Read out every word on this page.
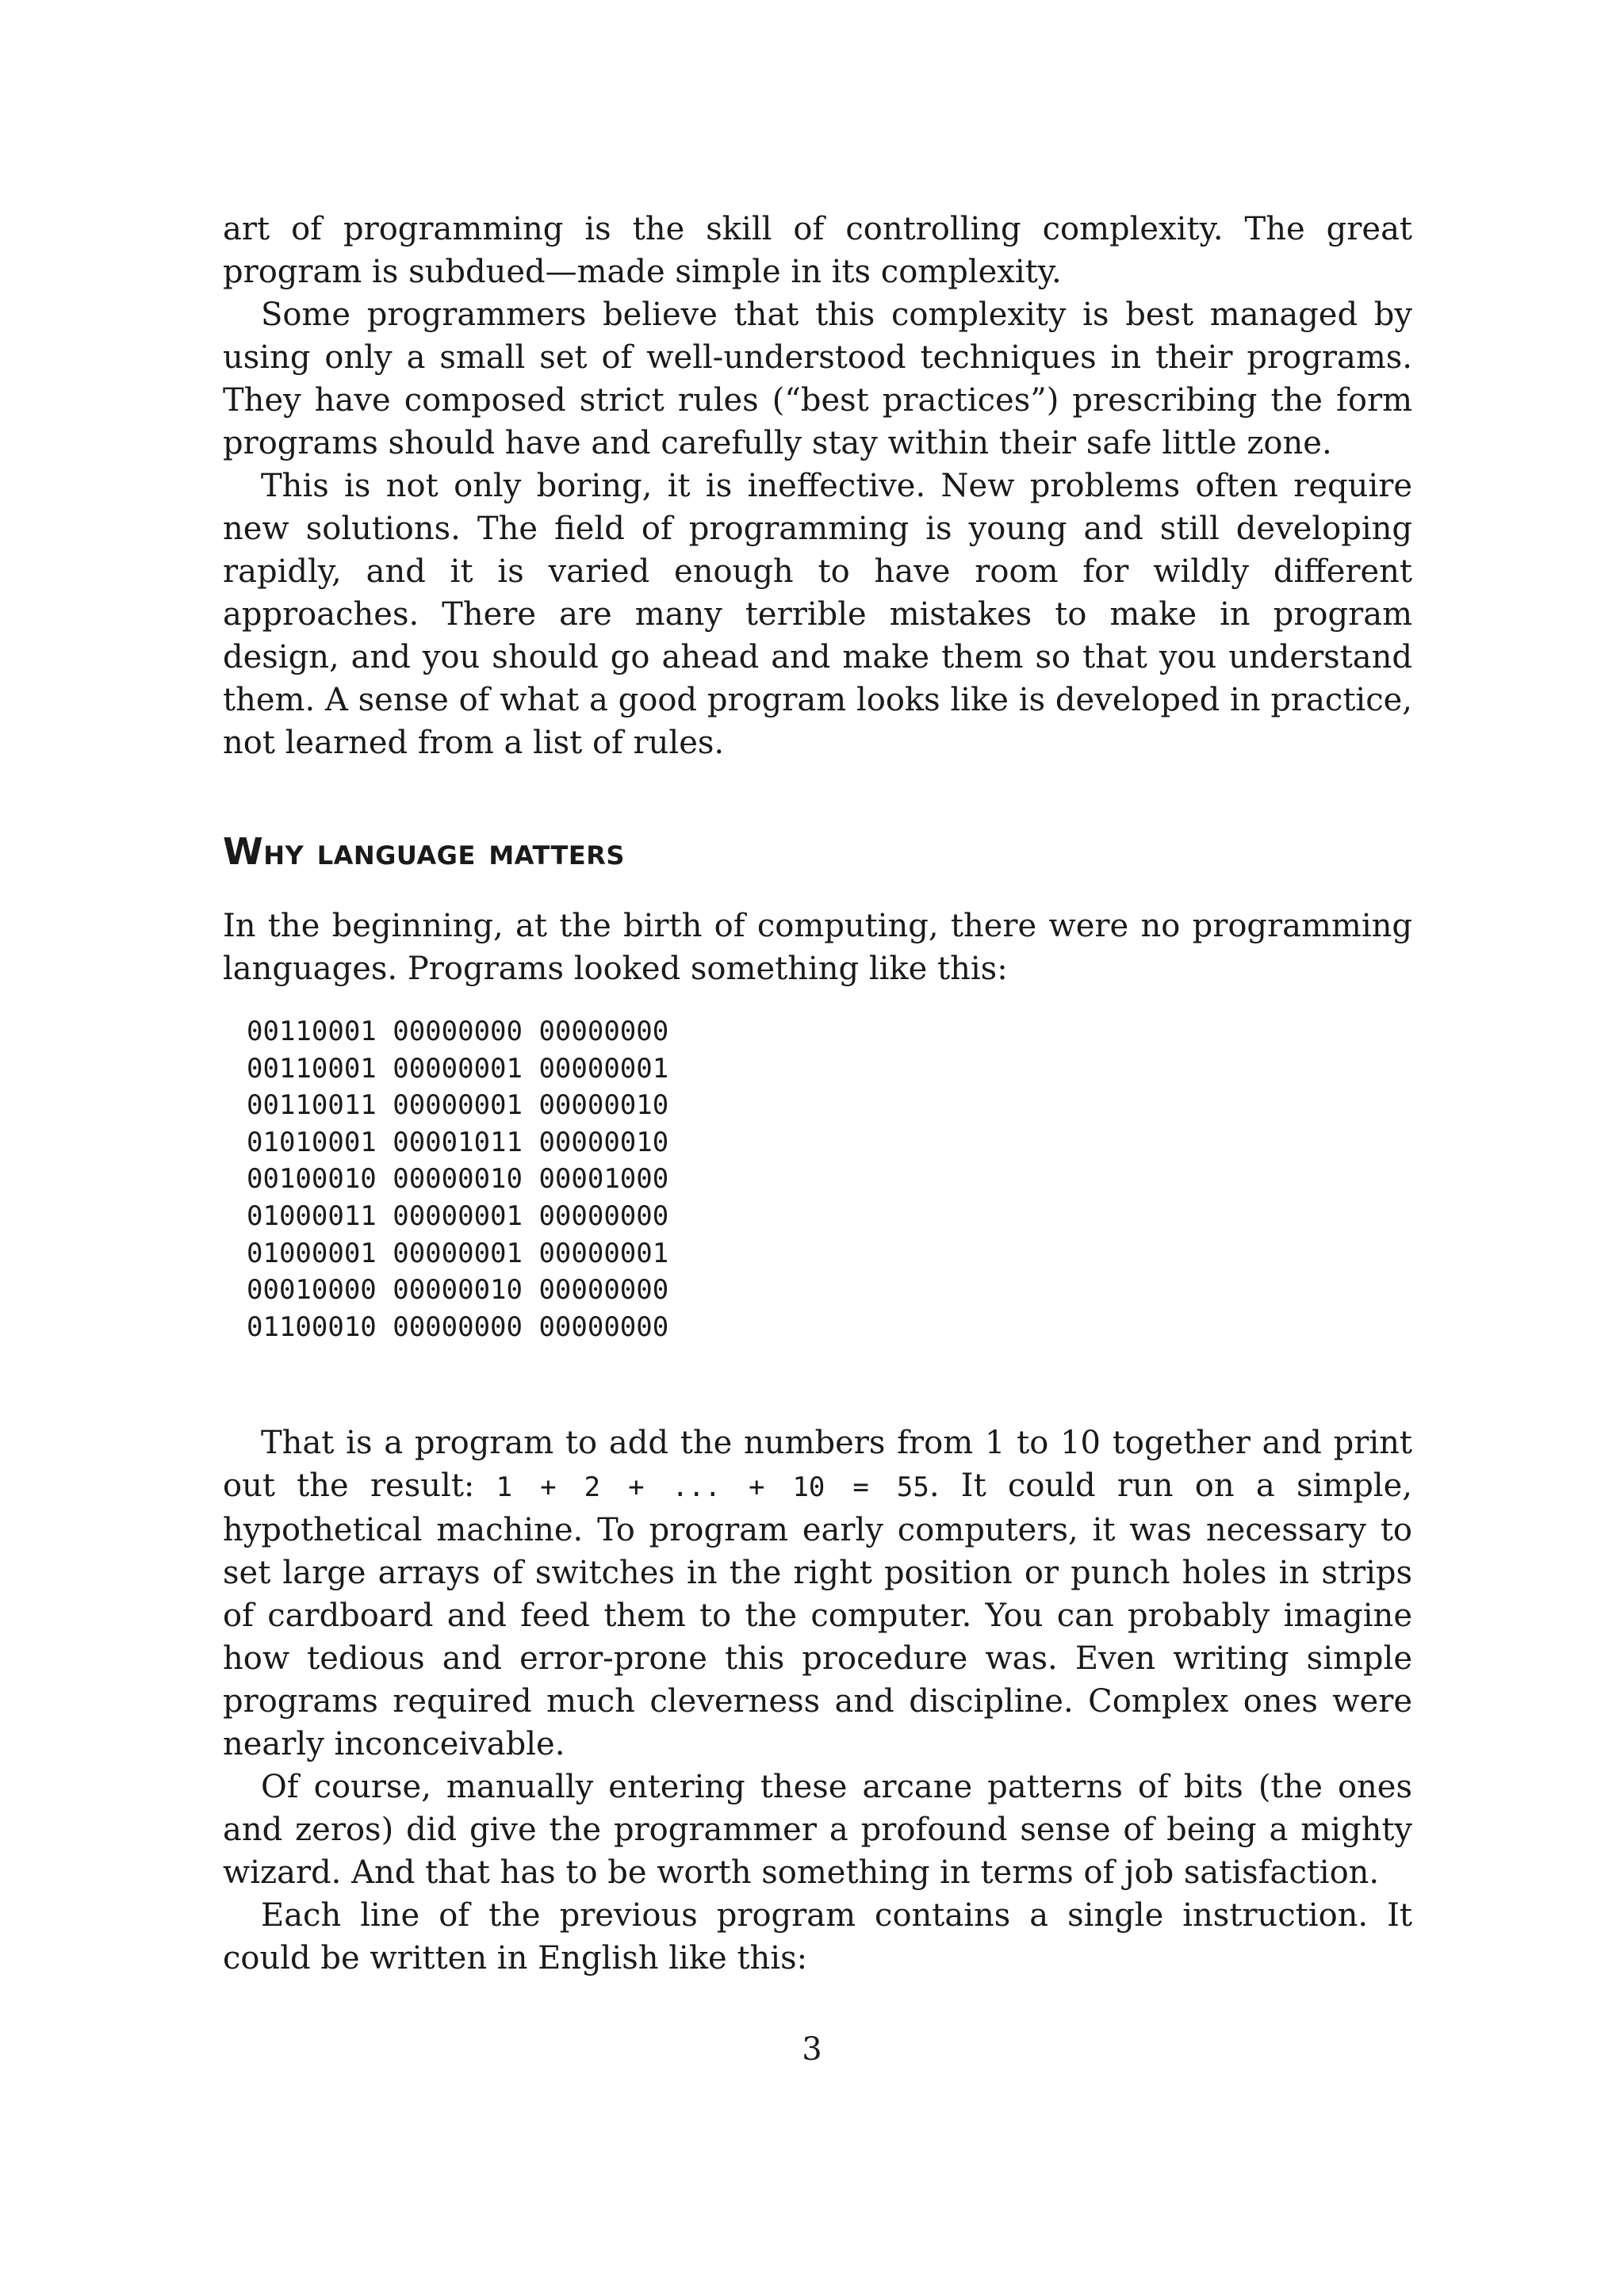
art of programming is the skill of controlling complexity. The great program is subdued—made simple in its complexity.

Some programmers believe that this complexity is best managed by using only a small set of well-understood techniques in their programs. They have composed strict rules (“best practices”) prescribing the form programs should have and carefully stay within their safe little zone.

This is not only boring, it is ineffective. New problems often require new solutions. The field of programming is young and still developing rapidly, and it is varied enough to have room for wildly different approaches. There are many terrible mistakes to make in program design, and you should go ahead and make them so that you understand them. A sense of what a good program looks like is developed in practice, not learned from a list of rules.

Why language matters

In the beginning, at the birth of computing, there were no programming languages. Programs looked something like this:

00110001 00000000 00000000
00110001 00000001 00000001
00110011 00000001 00000010
01010001 00001011 00000010
00100010 00000010 00001000
01000011 00000001 00000000
01000001 00000001 00000001
00010000 00000010 00000000
01100010 00000000 00000000

That is a program to add the numbers from 1 to 10 together and print out the result: 1 + 2 + ... + 10 = 55. It could run on a simple, hypothetical machine. To program early computers, it was necessary to set large arrays of switches in the right position or punch holes in strips of cardboard and feed them to the computer. You can probably imagine how tedious and error-prone this procedure was. Even writing simple programs required much cleverness and discipline. Complex ones were nearly inconceivable.

Of course, manually entering these arcane patterns of bits (the ones and zeros) did give the programmer a profound sense of being a mighty wizard. And that has to be worth something in terms of job satisfaction.

Each line of the previous program contains a single instruction. It could be written in English like this:

3
